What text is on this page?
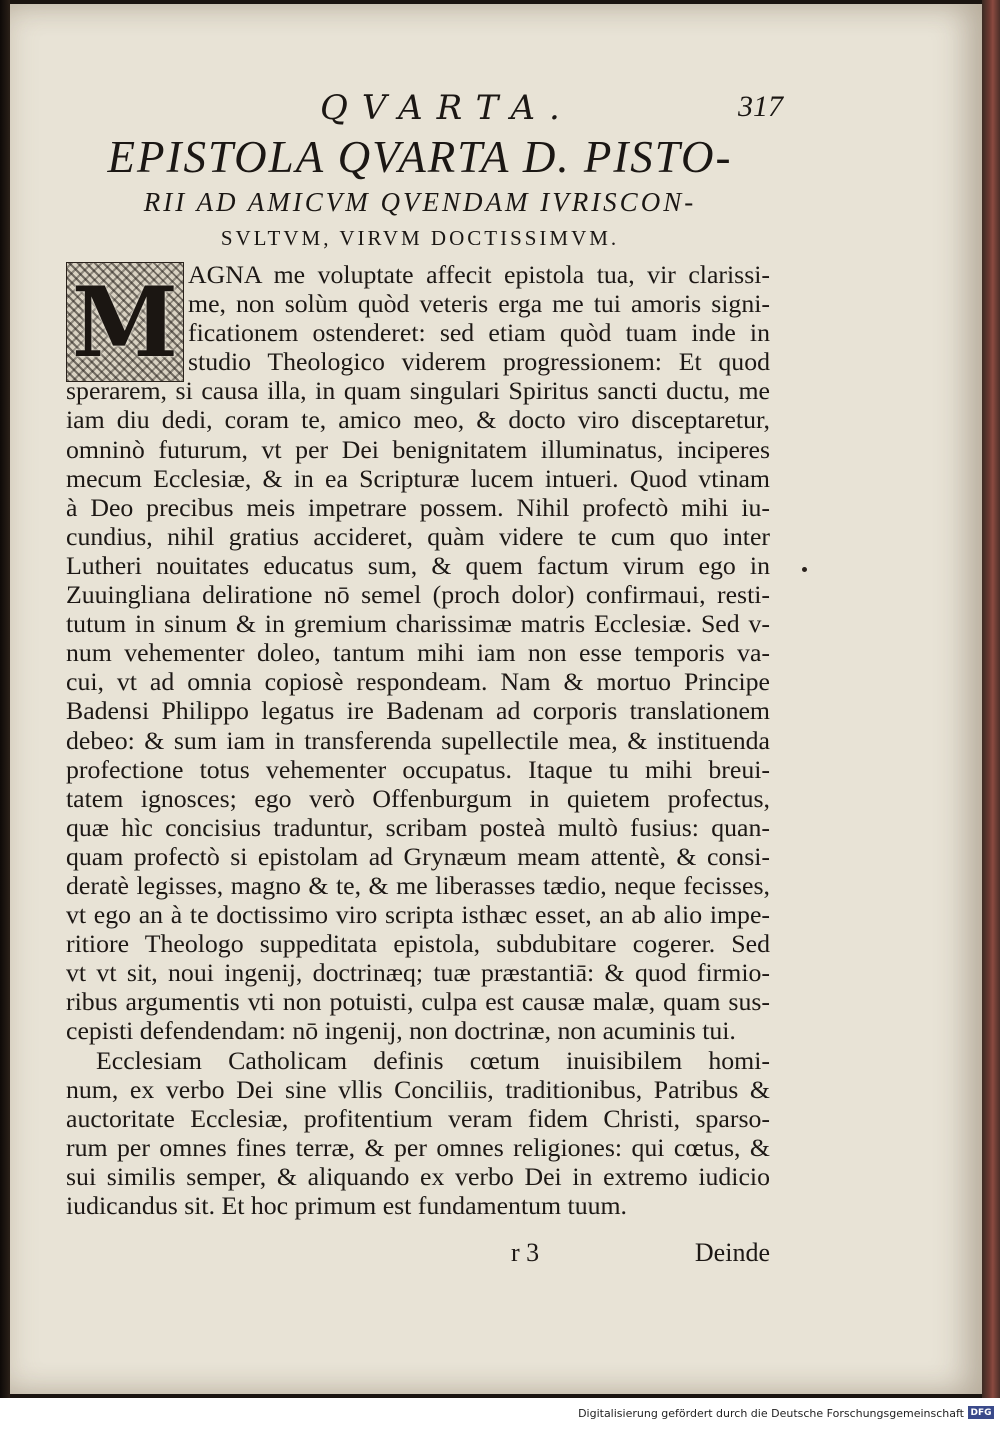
QVARTA.	317
EPISTOLA QVARTA D. PISTO-
RII AD AMICVM QVENDAM IVRISCON-
SVLTVM, VIRVM DOCTISSIMVM.
M AGNA me voluptate affecit epistola tua, vir clarissi-
me, non solùm quòd veteris erga me tui amoris signi-
ficationem ostenderet: sed etiam quòd tuam inde in
studio Theologico viderem progressionem: Et quod
sperarem, si causa illa, in quam singulari Spiritus sancti ductu, me
iam diu dedi, coram te, amico meo, & docto viro disceptaretur,
omninò futurum, vt per Dei benignitatem illuminatus, inciperes
mecum Ecclesiæ, & in ea Scripturæ lucem intueri. Quod vtinam
à Deo precibus meis impetrare possem. Nihil profectò mihi iu-
cundius, nihil gratius accideret, quàm videre te cum quo inter
Lutheri nouitates educatus sum, & quem factum virum ego in
Zuuingliana deliratione nō semel (proch dolor) confirmaui, resti-
tutum in sinum & in gremium charissimæ matris Ecclesiæ. Sed v-
num vehementer doleo, tantum mihi iam non esse temporis va-
cui, vt ad omnia copiosè respondeam. Nam & mortuo Principe
Badensi Philippo legatus ire Badenam ad corporis translationem
debeo: & sum iam in transferenda supellectile mea, & instituenda
profectione totus vehementer occupatus. Itaque tu mihi breui-
tatem ignosces; ego verò Offenburgum in quietem profectus,
quæ hìc concisius traduntur, scribam posteà multò fusius: quan-
quam profectò si epistolam ad Grynæum meam attentè, & consi-
deratè legisses, magno & te, & me liberasses tædio, neque fecisses,
vt ego an à te doctissimo viro scripta isthæc esset, an ab alio impe-
ritiore Theologo suppeditata epistola, subdubitare cogerer. Sed
vt vt sit, noui ingenij, doctrinæq; tuæ præstantiā: & quod firmio-
ribus argumentis vti non potuisti, culpa est causæ malæ, quam sus-
cepisti defendendam: nō ingenij, non doctrinæ, non acuminis tui.
Ecclesiam Catholicam definis cœtum inuisibilem homi-
num, ex verbo Dei sine vllis Conciliis, traditionibus, Patribus &
auctoritate Ecclesiæ, profitentium veram fidem Christi, sparso-
rum per omnes fines terræ, & per omnes religiones: qui cœtus, &
sui similis semper, & aliquando ex verbo Dei in extremo iudicio
iudicandus sit. Et hoc primum est fundamentum tuum.
r 3	Deinde
Digitalisierung gefördert durch die Deutsche Forschungsgemeinschaft DFG
